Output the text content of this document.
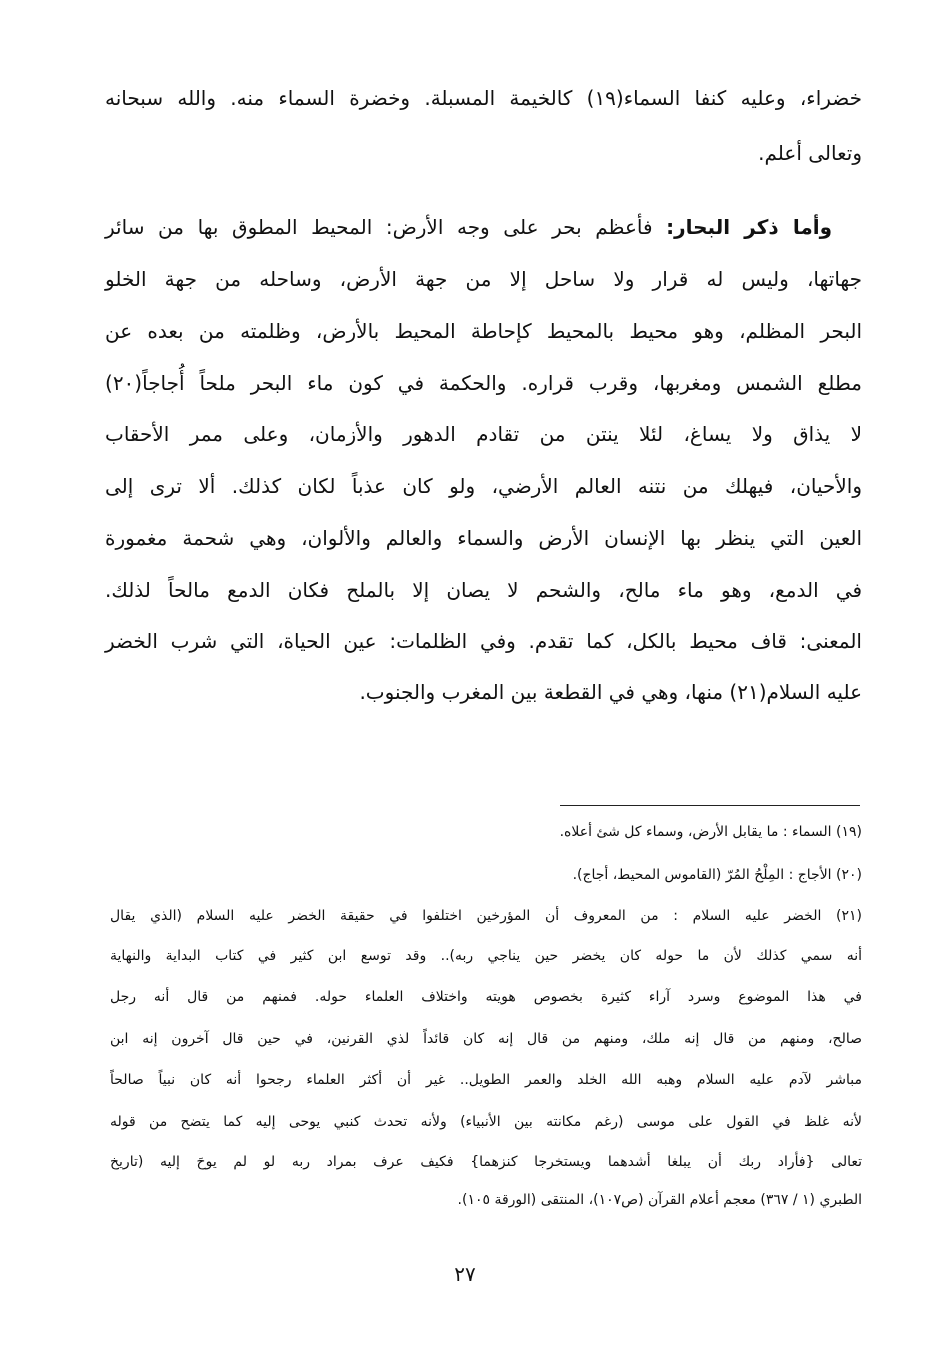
خضراء، وعليه كنفا السماء(١٩) كالخيمة المسبلة. وخضرة السماء منه. والله سبحانه
وتعالى أعلم.
وأما ذكر البحار: فأعظم بحر على وجه الأرض: المحيط المطوق بها من سائر
جهاتها، وليس له قرار ولا ساحل إلا من جهة الأرض، وساحله من جهة الخلو
البحر المظلم، وهو محيط بالمحيط كإحاطة المحيط بالأرض، وظلمته من بعده عن
مطلع الشمس ومغربها، وقرب قراره. والحكمة في كون ماء البحر ملحاً أُجاجاً(٢٠)
لا يذاق ولا يساغ، لئلا ينتن من تقادم الدهور والأزمان، وعلى ممر الأحقاب
والأحيان، فيهلك من نتنه العالم الأرضي، ولو كان عذباً لكان كذلك. ألا ترى إلى
العين التي ينظر بها الإنسان الأرض والسماء والعالم والألوان، وهي شحمة مغمورة
في الدمع، وهو ماء مالح، والشحم لا يصان إلا بالملح فكان الدمع مالحاً لذلك.
المعنى: قاف محيط بالكل، كما تقدم. وفي الظلمات: عين الحياة، التي شرب الخضر
عليه السلام(٢١) منها، وهي في القطعة بين المغرب والجنوب.
(١٩) السماء : ما يقابل الأرض، وسماء كل شئ أعلاه.
(٢٠) الأجاج : المِلْحُ المُرّ (القاموس المحيط، أجاج).
(٢١) الخضر عليه السلام : من المعروف أن المؤرخين اختلفوا في حقيقة الخضر عليه السلام (الذي يقال
أنه سمي كذلك لأن ما حوله كان يخضر حين يناجي ربه).. وقد توسع ابن كثير في كتاب البداية والنهاية
في هذا الموضوع وسرد آراء كثيرة بخصوص هويته واختلاف العلماء حوله. فمنهم من قال أنه رجل
صالح، ومنهم من قال إنه ملك، ومنهم من قال إنه كان قائداً لذي القرنين، في حين قال آخرون إنه ابن
مباشر لآدم عليه السلام وهبه الله الخلد والعمر الطويل.. غير أن أكثر العلماء رجحوا أنه كان نبياً صالحاً
لأنه غلظ في القول على موسى (رغم مكانته بين الأنبياء) ولأنه تحدث كنبي يوحى إليه كما يتضح من قوله
تعالى {فأراد ربك أن يبلغا أشدهما ويستخرجا كنزهما} فكيف عرف بمراد ربه لو لم يوحَ إليه (تاريخ
الطبري (١ / ٣٦٧) معجم أعلام القرآن (ص١٠٧)، المنتقى (الورقة ١٠٥).
٢٧
